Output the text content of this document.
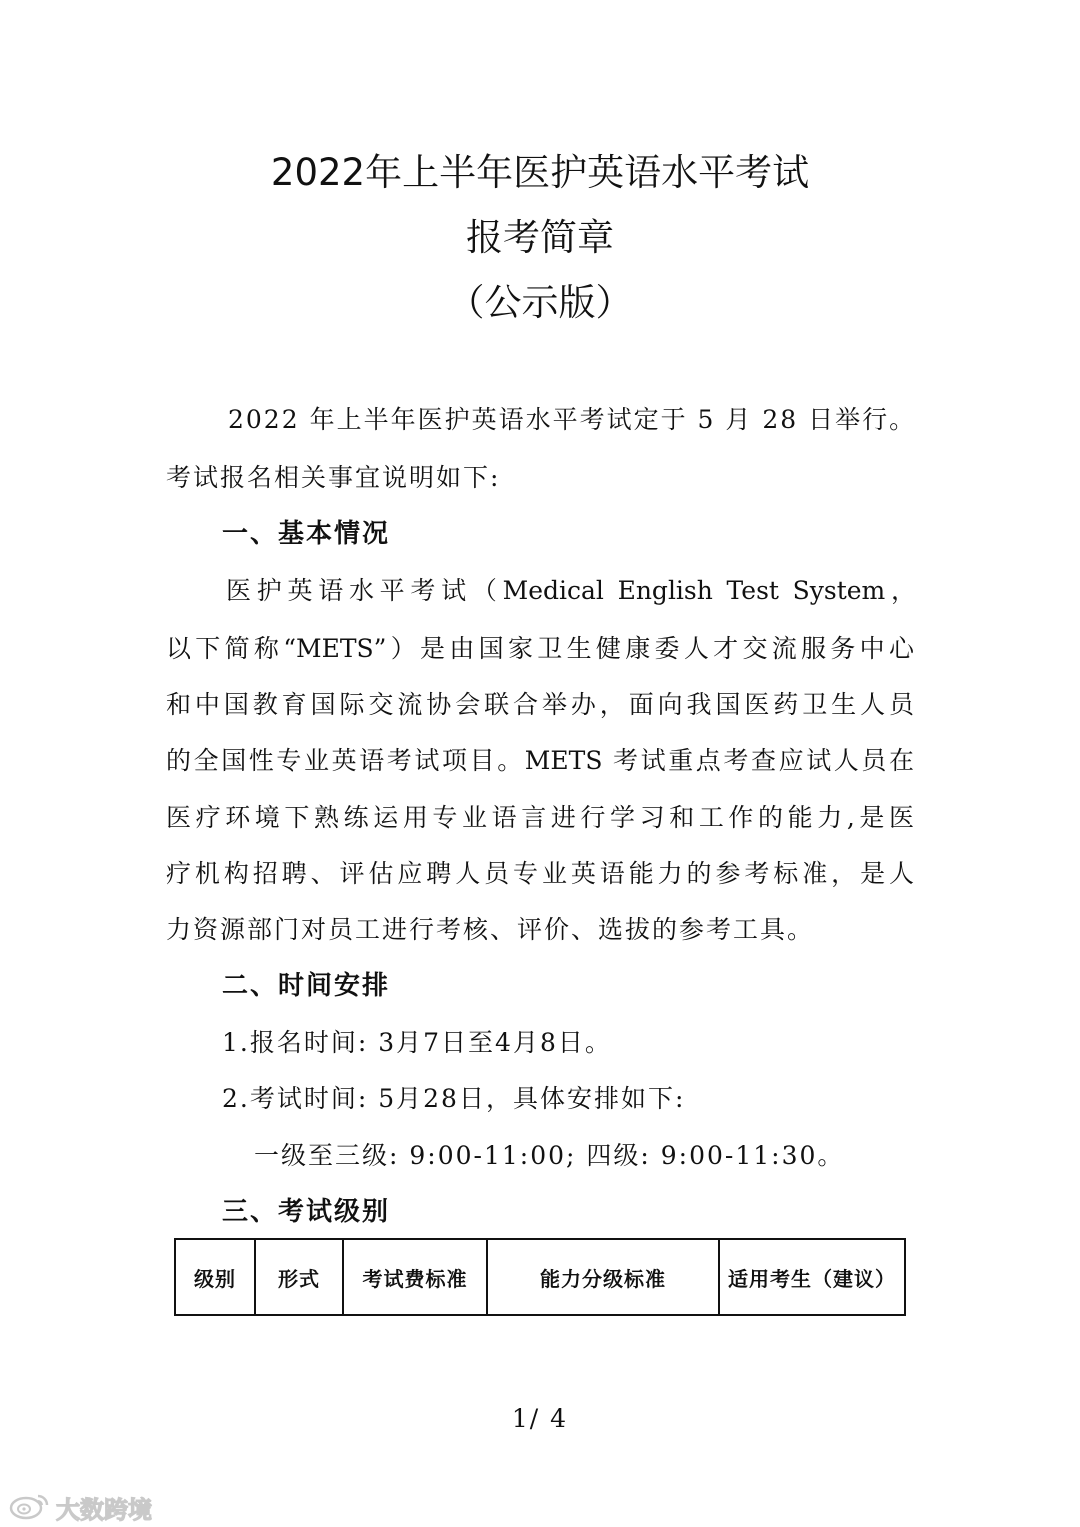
2022年上半年医护英语水平考试
报考简章
（公示版）
2022 年上半年医护英语水平考试定于 5 月 28 日举行。
考试报名相关事宜说明如下:
一、基本情况
医护英语水平考试（Medical English Test System，
以下简称“METS”）是由国家卫生健康委人才交流服务中心
和中国教育国际交流协会联合举办，面向我国医药卫生人员
的全国性专业英语考试项目。METS 考试重点考查应试人员在
医疗环境下熟练运用专业语言进行学习和工作的能力,是医
疗机构招聘、评估应聘人员专业英语能力的参考标准，是人
力资源部门对员工进行考核、评价、选拔的参考工具。
二、时间安排
1.报名时间: 3月7日至4月8日。
2.考试时间: 5月28日，具体安排如下:
一级至三级: 9:00-11:00; 四级: 9:00-11:30。
三、考试级别
级别	形式	考试费标准	能力分级标准	适用考生（建议）
1/ 4
大数跨境
